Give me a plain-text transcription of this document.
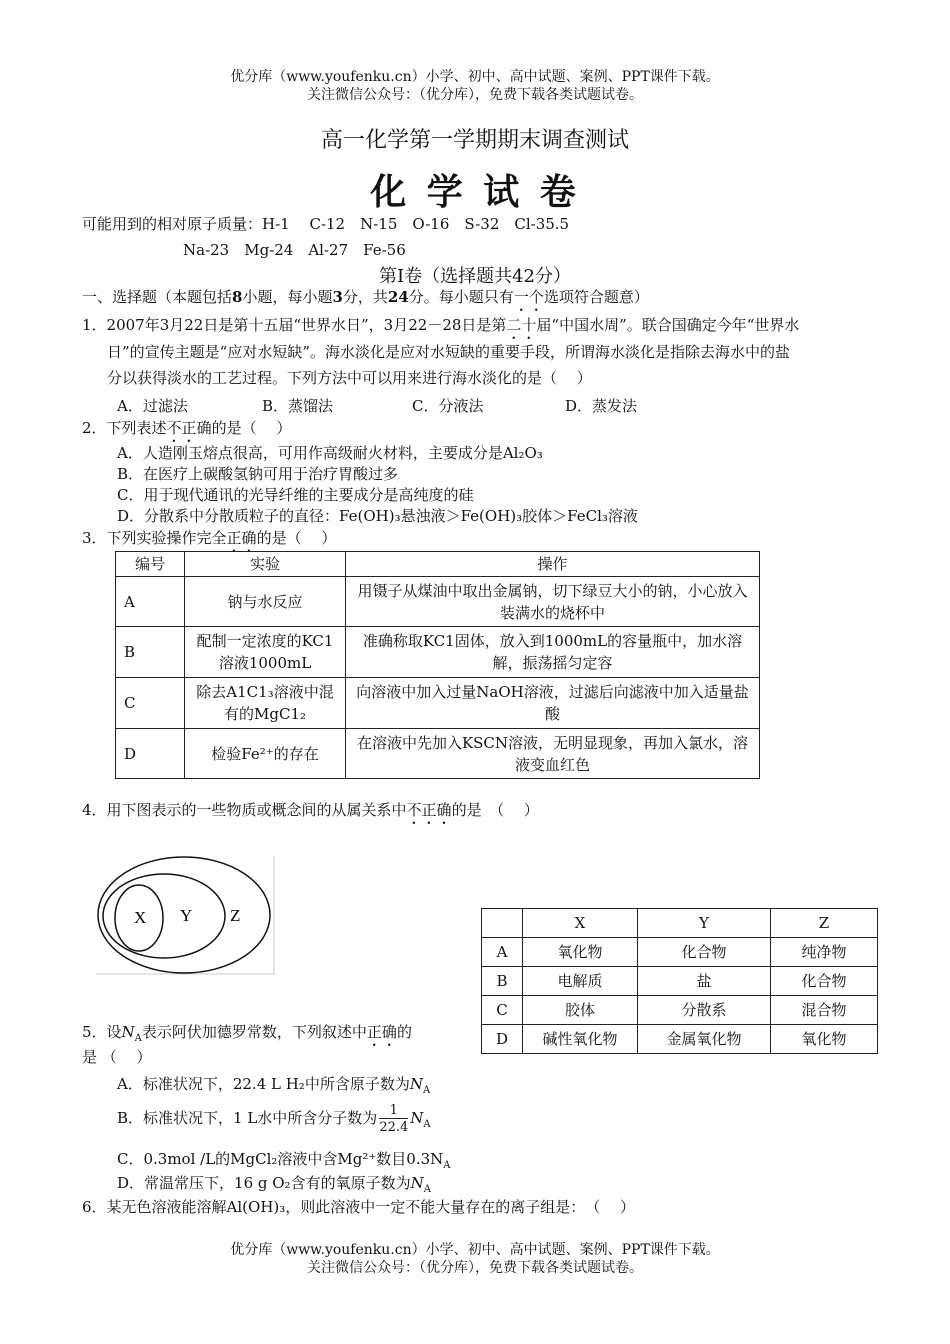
优分库（www.youfenku.cn）小学、初中、高中试题、案例、PPT课件下载。
关注微信公众号：（优分库），免费下载各类试题试卷。
高一化学第一学期期末调查测试
化 学 试 卷
可能用到的相对原子质量：H-1　 C-12　N-15　O-16　S-32　Cl-35.5
Na-23　Mg-24　Al-27　Fe-56
第Ⅰ卷（选择题共42分）
一、选择题（本题包括8小题，每小题3分，共24分。每小题只有一个选项符合题意）
1．2007年3月22日是第十五届“世界水日”，3月22－28日是第二十届“中国水周”。联合国确定今年“世界水
日”的宣传主题是“应对水短缺”。海水淡化是应对水短缺的重要手段，所谓海水淡化是指除去海水中的盐
分以获得淡水的工艺过程。下列方法中可以用来进行海水淡化的是（　 ）
A．过滤法	B．蒸馏法	C．分液法	D．蒸发法
2．下列表述不正确的是（　 ）
A．人造刚玉熔点很高，可用作高级耐火材料，主要成分是Al₂O₃
B．在医疗上碳酸氢钠可用于治疗胃酸过多
C．用于现代通讯的光导纤维的主要成分是高纯度的硅
D．分散系中分散质粒子的直径：Fe(OH)₃悬浊液＞Fe(OH)₃胶体＞FeCl₃溶液
3．下列实验操作完全正确的是（　 ）
编号	实验	操作
A	钠与水反应	用镊子从煤油中取出金属钠，切下绿豆大小的钠，小心放入装满水的烧杯中
B	配制一定浓度的KC1溶液1000mL	准确称取KC1固体，放入到1000mL的容量瓶中，加水溶解，振荡摇匀定容
C	除去A1C1₃溶液中混有的MgC1₂	向溶液中加入过量NaOH溶液，过滤后向滤液中加入适量盐酸
D	检验Fe²⁺的存在	在溶液中先加入KSCN溶液，无明显现象，再加入氯水，溶液变血红色
4．用下图表示的一些物质或概念间的从属关系中不正确的是　（　 ）
X Y Z
		X	Y	Z
A	氧化物	化合物	纯净物
B	电解质	盐	化合物
C	胶体	分散系	混合物
D	碱性氧化物	金属氧化物	氧化物
5．设$N_A$表示阿伏加德罗常数，下列叙述中正确的
是 （　 ）
A．标准状况下，22.4 L H₂中所含原子数为$N_A$
B．标准状况下，1 L水中所含分子数为 $\frac{1}{22.4} N_A$
C．0.3mol /L的MgCl₂溶液中含Mg²⁺数目$0.3N_A$
D．常温常压下，16 g O₂含有的氧原子数为$N_A$
6．某无色溶液能溶解Al(OH)₃，则此溶液中一定不能大量存在的离子组是：　（　 ）
优分库（www.youfenku.cn）小学、初中、高中试题、案例、PPT课件下载。
关注微信公众号：（优分库），免费下载各类试题试卷。
